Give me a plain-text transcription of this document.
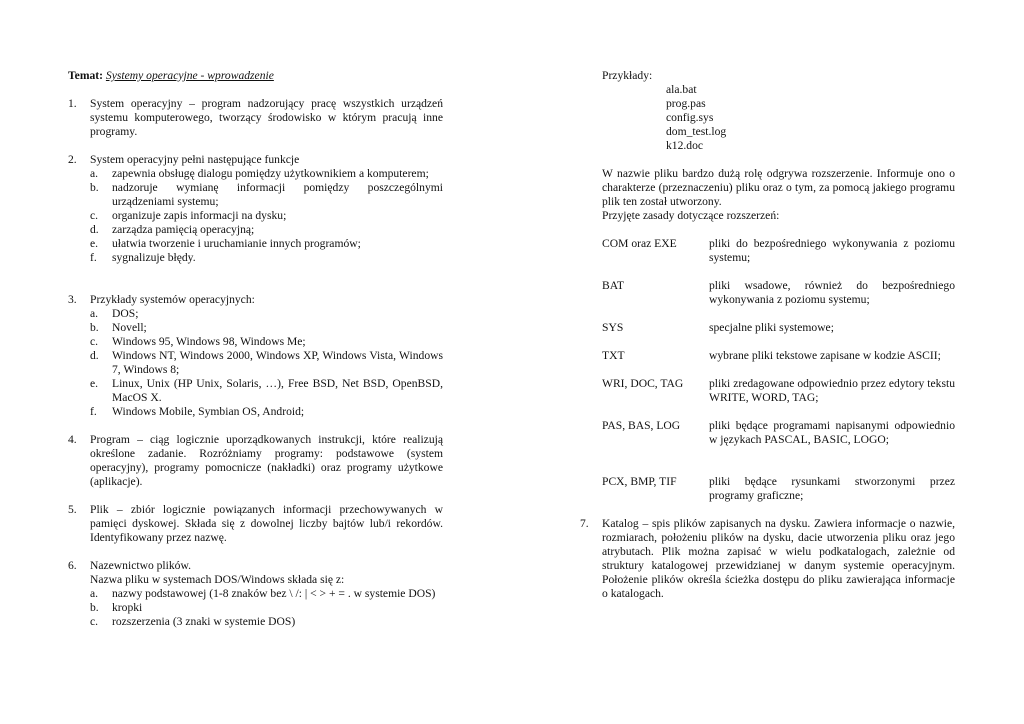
Temat: Systemy operacyjne - wprowadzenie
1. System operacyjny – program nadzorujący pracę wszystkich urządzeń systemu komputerowego, tworzący środowisko w którym pracują inne programy.
2. System operacyjny pełni następujące funkcje
a. zapewnia obsługę dialogu pomiędzy użytkownikiem a komputerem;
b. nadzoruje wymianę informacji pomiędzy poszczególnymi urządzeniami systemu;
c. organizuje zapis informacji na dysku;
d. zarządza pamięcią operacyjną;
e. ułatwia tworzenie i uruchamianie innych programów;
f. sygnalizuje błędy.
3. Przykłady systemów operacyjnych:
a. DOS;
b. Novell;
c. Windows 95, Windows 98, Windows Me;
d. Windows NT, Windows 2000, Windows XP, Windows Vista, Windows 7, Windows 8;
e. Linux, Unix (HP Unix, Solaris, …), Free BSD, Net BSD, OpenBSD, MacOS X.
f. Windows Mobile, Symbian OS, Android;
4. Program – ciąg logicznie uporządkowanych instrukcji, które realizują określone zadanie. Rozróżniamy programy: podstawowe (system operacyjny), programy pomocnicze (nakładki) oraz programy użytkowe (aplikacje).
5. Plik – zbiór logicznie powiązanych informacji przechowywanych w pamięci dyskowej. Składa się z dowolnej liczby bajtów lub/i rekordów. Identyfikowany przez nazwę.
6. Nazewnictwo plików.
Nazwa pliku w systemach DOS/Windows składa się z:
a. nazwy podstawowej (1-8 znaków bez \ /: | < > + = . w systemie DOS)
b. kropki
c. rozszerzenia (3 znaki w systemie DOS)
Przykłady:
ala.bat
prog.pas
config.sys
dom_test.log
k12.doc
W nazwie pliku bardzo dużą rolę odgrywa rozszerzenie. Informuje ono o charakterze (przeznaczeniu) pliku oraz o tym, za pomocą jakiego programu plik ten został utworzony.
Przyjęte zasady dotyczące rozszerzeń:
COM oraz EXE	pliki do bezpośredniego wykonywania z poziomu systemu;
BAT	pliki wsadowe, również do bezpośredniego wykonywania z poziomu systemu;
SYS	specjalne pliki systemowe;
TXT	wybrane pliki tekstowe zapisane w kodzie ASCII;
WRI, DOC, TAG pliki zredagowane odpowiednio przez edytory tekstu WRITE, WORD, TAG;
PAS, BAS, LOG pliki będące programami napisanymi odpowiednio w językach PASCAL, BASIC, LOGO;
PCX, BMP, TIF	pliki będące rysunkami stworzonymi przez programy graficzne;
7. Katalog – spis plików zapisanych na dysku. Zawiera informacje o nazwie, rozmiarach, położeniu plików na dysku, dacie utworzenia pliku oraz jego atrybutach. Plik można zapisać w wielu podkatalogach, zależnie od struktury katalogowej przewidzianej w danym systemie operacyjnym. Położenie plików określa ścieżka dostępu do pliku zawierająca informacje o katalogach.
